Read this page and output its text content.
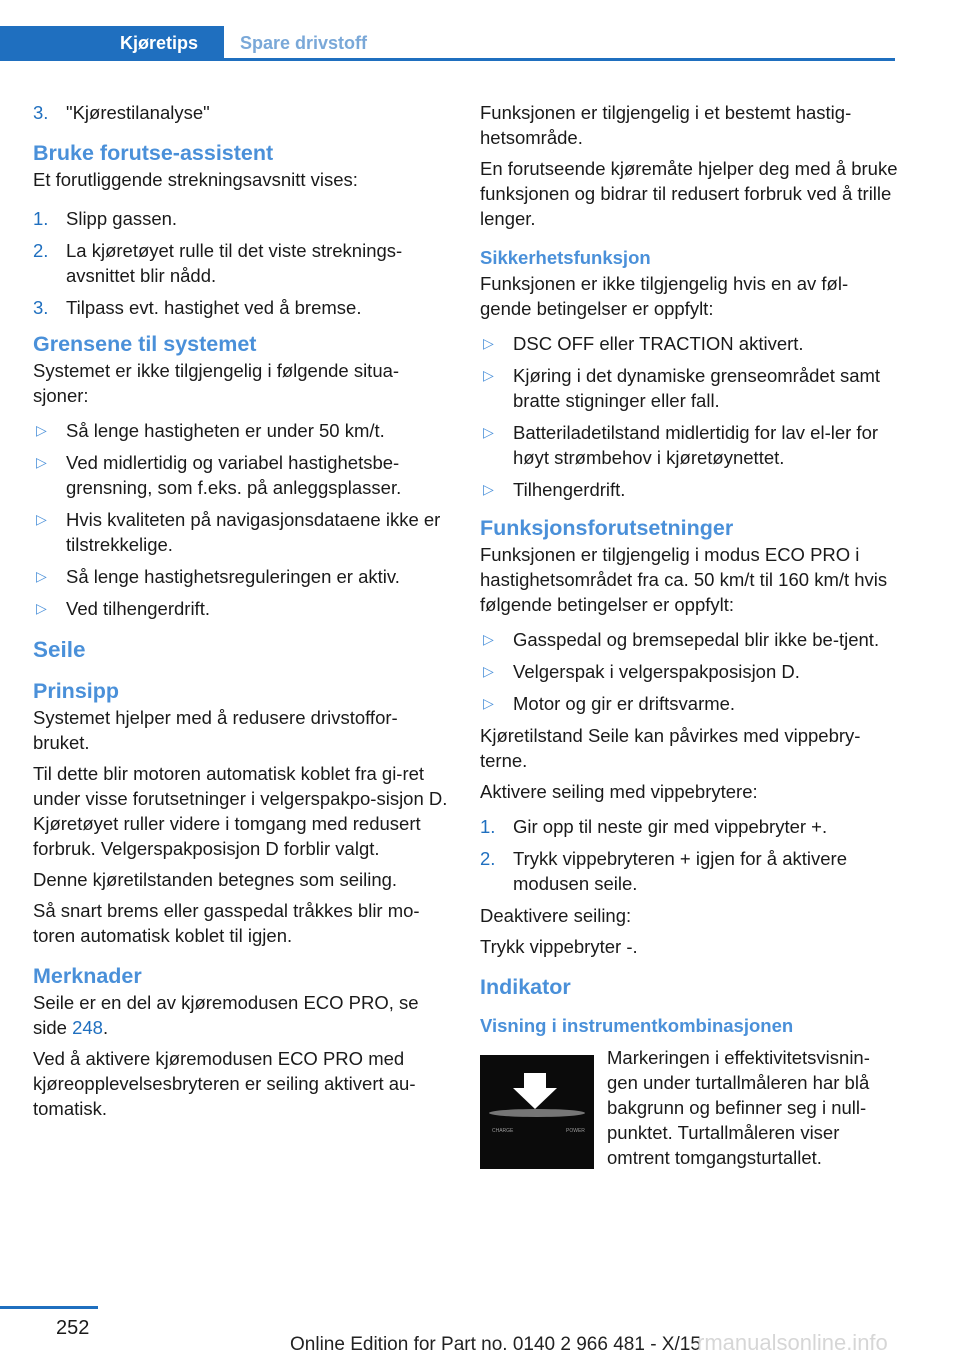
Kjøretips	Spare drivstoff
3. "Kjørestilanalyse"
Bruke forutse-assistent

Et forutliggende strekningsavsnitt vises:

1. Slipp gassen.
2. La kjøretøyet rulle til det viste streknings-avsnittet blir nådd.
3. Tilpass evt. hastighet ved å bremse.
Grensene til systemet

Systemet er ikke tilgjengelig i følgende situa-sjoner:

▷	Så lenge hastigheten er under 50 km/t.
▷	Ved midlertidig og variabel hastighetsbe-grensning, som f.eks. på anleggsplasser.
▷	Hvis kvaliteten på navigasjonsdataene ikke er tilstrekkelige.
▷	Så lenge hastighetsreguleringen er aktiv.
▷	Ved tilhengerdrift.
Seile
Prinsipp

Systemet hjelper med å redusere drivstoffor-bruket.

Til dette blir motoren automatisk koblet fra gi-ret under visse forutsetninger i velgerspakpo-sisjon D. Kjøretøyet ruller videre i tomgang med redusert forbruk. Velgerspakposisjon D forblir valgt.

Denne kjøretilstanden betegnes som seiling.

Så snart brems eller gasspedal tråkkes blir mo-toren automatisk koblet til igjen.

Merknader

Seile er en del av kjøremodusen ECO PRO, se side 248.

Ved å aktivere kjøremodusen ECO PRO med kjøreopplevelsesbryteren er seiling aktivert au-tomatisk.

Funksjonen er tilgjengelig i et bestemt hastig-hetsområde.

En forutseende kjøremåte hjelper deg med å bruke funksjonen og bidrar til redusert forbruk ved å trille lenger.

Sikkerhetsfunksjon

Funksjonen er ikke tilgjengelig hvis en av føl-gende betingelser er oppfylt:

▷	DSC OFF eller TRACTION aktivert.
▷	Kjøring i det dynamiske grenseområdet samt bratte stigninger eller fall.
▷	Batteriladetilstand midlertidig for lav el-ler for høyt strømbehov i kjøretøynettet.
▷	Tilhengerdrift.
Funksjonsforutsetninger

Funksjonen er tilgjengelig i modus ECO PRO i hastighetsområdet fra ca. 50 km/t til 160 km/t hvis følgende betingelser er oppfylt:

▷	Gasspedal og bremsepedal blir ikke be-tjent.
▷	Velgerspak i velgerspakposisjon D.
▷	Motor og gir er driftsvarme.

Kjøretilstand Seile kan påvirkes med vippebry-terne.

Aktivere seiling med vippebrytere:

1. Gir opp til neste gir med vippebryter +.
2. Trykk vippebryteren + igjen for å aktivere modusen seile.

Deaktivere seiling:

Trykk vippebryter -.

Indikator
Visning i instrumentkombinasjonen
CHARGE	POWER
Markeringen i effektivitetsvisnin-gen under turtallmåleren har blå bakgrunn og befinner seg i null-punktet. Turtallmåleren viser omtrent tomgangsturtallet.
252
Online Edition for Part no. 0140 2 966 481 - X/15
rmanualsonline.info
